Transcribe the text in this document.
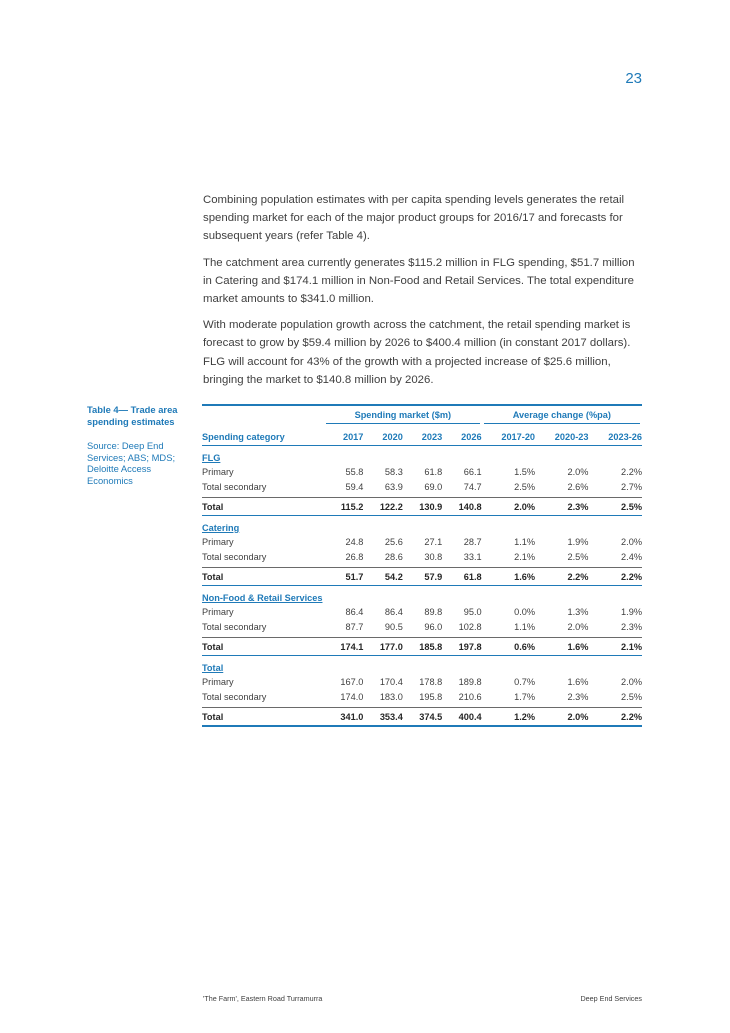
23

Combining population estimates with per capita spending levels generates the retail spending market for each of the major product groups for 2016/17 and forecasts for subsequent years (refer Table 4).

The catchment area currently generates $115.2 million in FLG spending, $51.7 million in Catering and $174.1 million in Non-Food and Retail Services. The total expenditure market amounts to $341.0 million.

With moderate population growth across the catchment, the retail spending market is forecast to grow by $59.4 million by 2026 to $400.4 million (in constant 2017 dollars). FLG will account for 43% of the growth with a projected increase of $25.6 million, bringing the market to $140.8 million by 2026.

Table 4— Trade area spending estimates
Source: Deep End Services; ABS; MDS; Deloitte Access Economics

	Spending market ($m)				Average change (%pa)		

Spending category	2017	2020	2023	2026	2017-20	2020-23	2023-26
FLG							
Primary	55.8	58.3	61.8	66.1	1.5%	2.0%	2.2%
Total secondary	59.4	63.9	69.0	74.7	2.5%	2.6%	2.7%

Total	115.2	122.2	130.9	140.8	2.0%	2.3%	2.5%
Catering							
Primary	24.8	25.6	27.1	28.7	1.1%	1.9%	2.0%
Total secondary	26.8	28.6	30.8	33.1	2.1%	2.5%	2.4%

Total	51.7	54.2	57.9	61.8	1.6%	2.2%	2.2%
Non-Food & Retail Services							
Primary	86.4	86.4	89.8	95.0	0.0%	1.3%	1.9%
Total secondary	87.7	90.5	96.0	102.8	1.1%	2.0%	2.3%

Total	174.1	177.0	185.8	197.8	0.6%	1.6%	2.1%
Total							
Primary	167.0	170.4	178.8	189.8	0.7%	1.6%	2.0%
Total secondary	174.0	183.0	195.8	210.6	1.7%	2.3%	2.5%

Total	341.0	353.4	374.5	400.4	1.2%	2.0%	2.2%
'The Farm', Eastern Road Turramurra	Deep End Services
